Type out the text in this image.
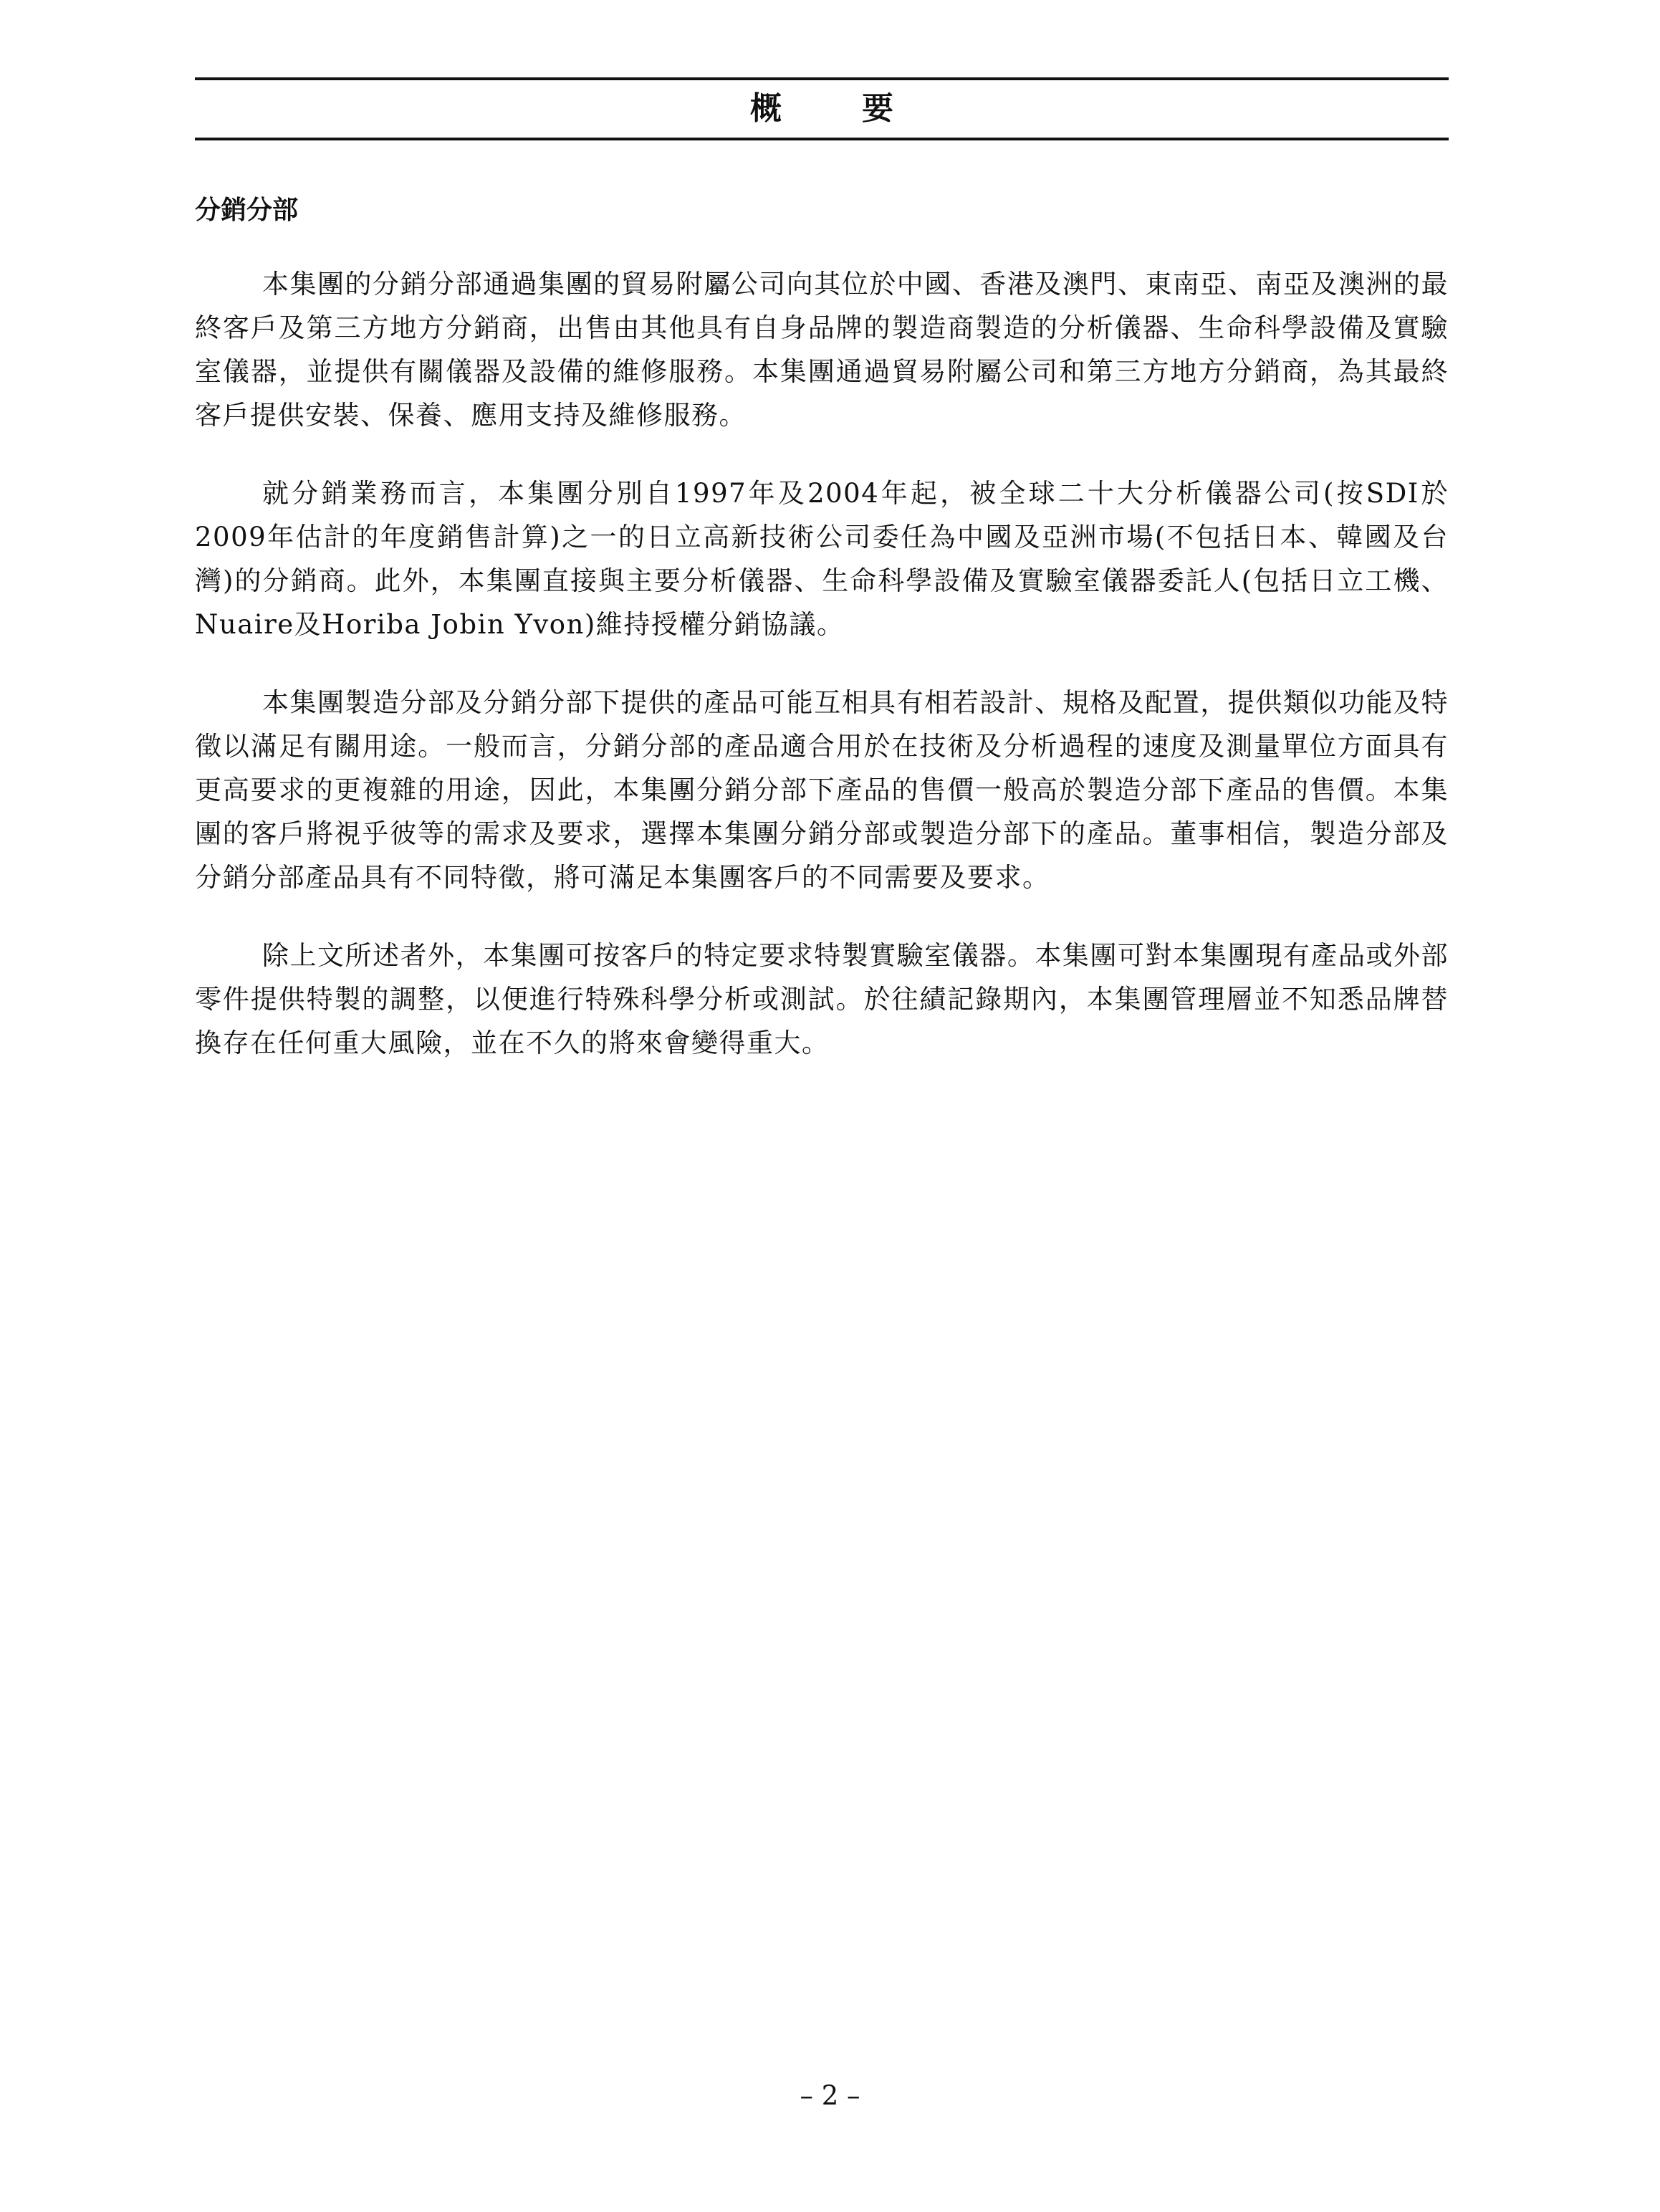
概　要
分銷分部

本集團的分銷分部通過集團的貿易附屬公司向其位於中國、香港及澳門、東南亞、南亞及澳洲的最終客戶及第三方地方分銷商，出售由其他具有自身品牌的製造商製造的分析儀器、生命科學設備及實驗室儀器，並提供有關儀器及設備的維修服務。本集團通過貿易附屬公司和第三方地方分銷商，為其最終客戶提供安裝、保養、應用支持及維修服務。

就分銷業務而言，本集團分別自1997年及2004年起，被全球二十大分析儀器公司(按SDI於2009年估計的年度銷售計算)之一的日立高新技術公司委任為中國及亞洲市場(不包括日本、韓國及台灣)的分銷商。此外，本集團直接與主要分析儀器、生命科學設備及實驗室儀器委託人(包括日立工機、Nuaire及Horiba Jobin Yvon)維持授權分銷協議。

本集團製造分部及分銷分部下提供的產品可能互相具有相若設計、規格及配置，提供類似功能及特徵以滿足有關用途。一般而言，分銷分部的產品適合用於在技術及分析過程的速度及測量單位方面具有更高要求的更複雜的用途，因此，本集團分銷分部下產品的售價一般高於製造分部下產品的售價。本集團的客戶將視乎彼等的需求及要求，選擇本集團分銷分部或製造分部下的產品。董事相信，製造分部及分銷分部產品具有不同特徵，將可滿足本集團客戶的不同需要及要求。

除上文所述者外，本集團可按客戶的特定要求特製實驗室儀器。本集團可對本集團現有產品或外部零件提供特製的調整，以便進行特殊科學分析或測試。於往績記錄期內，本集團管理層並不知悉品牌替換存在任何重大風險，並在不久的將來會變得重大。

– 2 –
